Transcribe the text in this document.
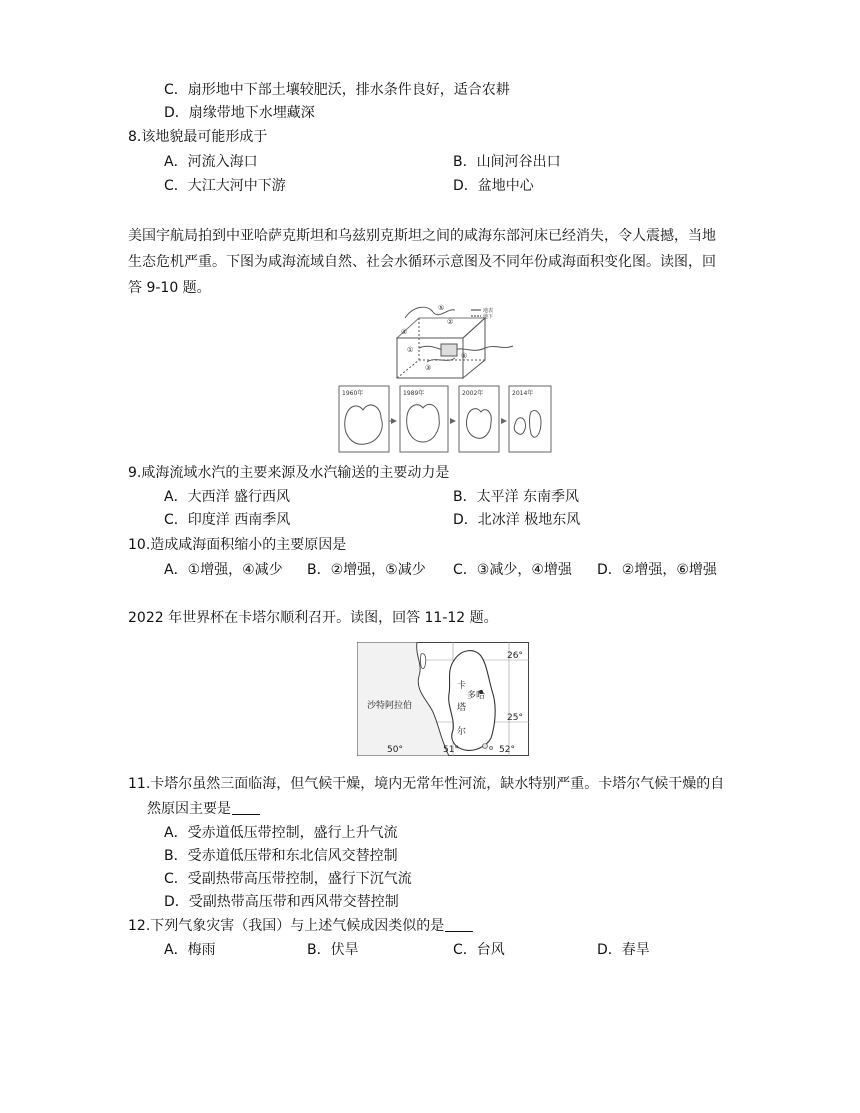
C．扇形地中下部土壤较肥沃，排水条件良好，适合农耕
D．扇缘带地下水埋藏深
8.该地貌最可能形成于
A．河流入海口	B．山间河谷出口
C．大江大河中下游	D．盆地中心
美国宇航局拍到中亚哈萨克斯坦和乌兹别克斯坦之间的咸海东部河床已经消失，令人震撼，当地
生态危机严重。下图为咸海流域自然、社会水循环示意图及不同年份咸海面积变化图。读图，回
答 9-10 题。
⑤
②
④
①
③
⑥
地表
地下
1960年	1989年	2002年	2014年
9.咸海流域水汽的主要来源及水汽输送的主要动力是
A．大西洋 盛行西风	B．太平洋 东南季风
C．印度洋 西南季风	D．北冰洋 极地东风
10.造成咸海面积缩小的主要原因是
A．①增强，④减少 B．②增强，⑤减少 C．③减少，④增强 D．②增强，⑥增强
2022 年世界杯在卡塔尔顺利召开。读图，回答 11-12 题。
沙特阿拉伯
卡
塔
尔
多哈
26°
25°
50°	51°	52°
11.卡塔尔虽然三面临海，但气候干燥，境内无常年性河流，缺水特别严重。卡塔尔气候干燥的自
然原因主要是
A．受赤道低压带控制，盛行上升气流
B．受赤道低压带和东北信风交替控制
C．受副热带高压带控制，盛行下沉气流
D．受副热带高压带和西风带交替控制
12.下列气象灾害（我国）与上述气候成因类似的是
A．梅雨	B．伏旱	C．台风	D．春旱
